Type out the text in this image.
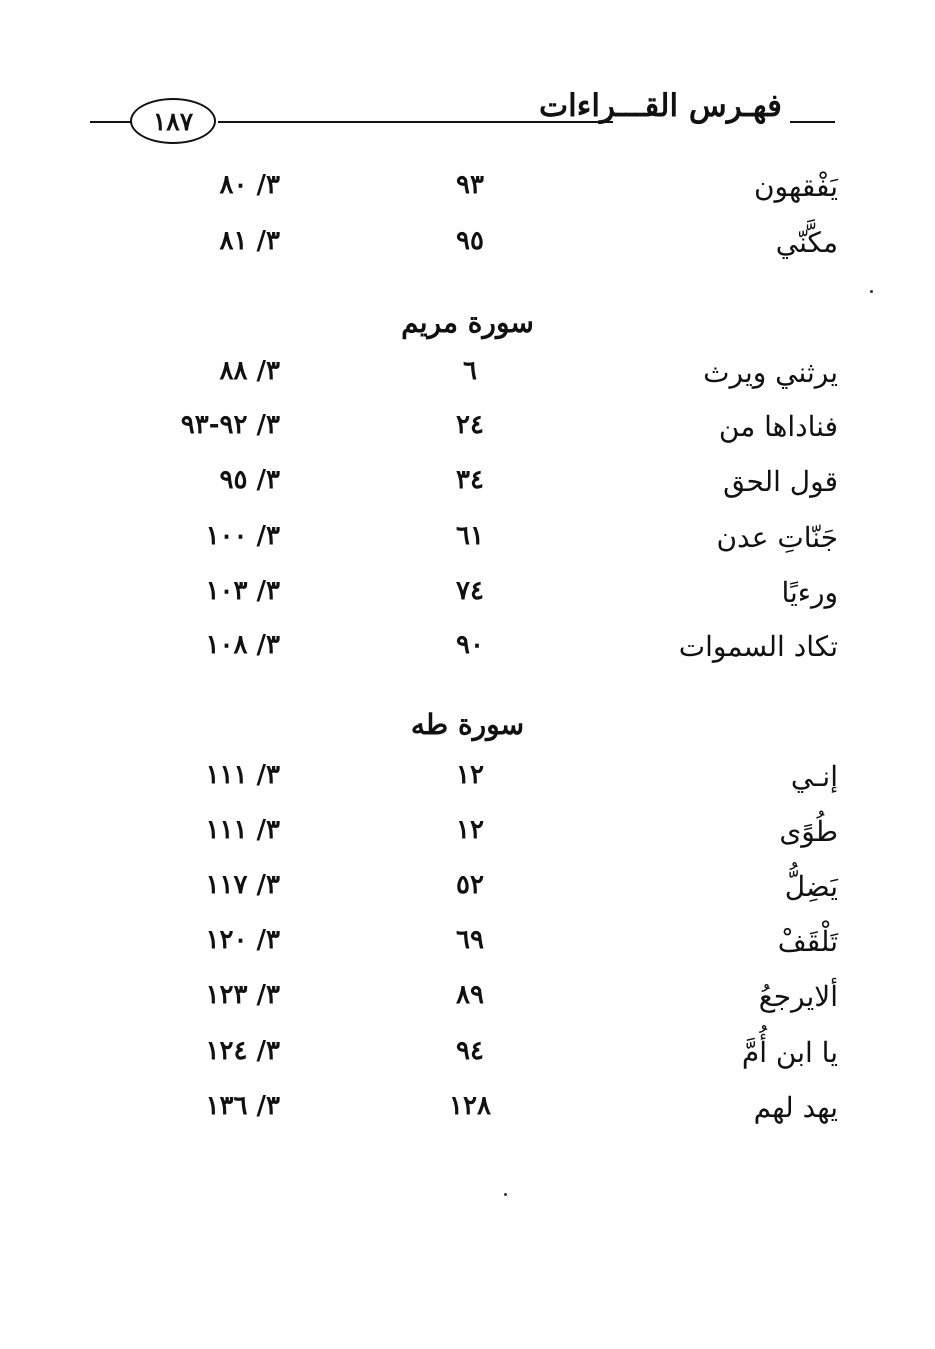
١٨٧	فهـرس القـــراءات
يَفْقهون
٩٣
٣/ ٨٠
مكَّنّي
٩٥
٣/ ٨١
سورة مريم
يرثني ويرث
٦
٣/ ٨٨
فناداها من
٢٤
٣/ ٩٢-٩٣
قول الحق
٣٤
٣/ ٩٥
جَنّاتِ عدن
٦١
٣/ ١٠٠
ورءيًا
٧٤
٣/ ١٠٣
تكاد السموات
٩٠
٣/ ١٠٨
سورة طه
إنـي
١٢
٣/ ١١١
طُوًى
١٢
٣/ ١١١
يَضِلُّ
٥٢
٣/ ١١٧
تَلْقَفْ
٦٩
٣/ ١٢٠
ألايرجعُ
٨٩
٣/ ١٢٣
يا ابن أُمَّ
٩٤
٣/ ١٢٤
يهد لهم
١٢٨
٣/ ١٣٦
